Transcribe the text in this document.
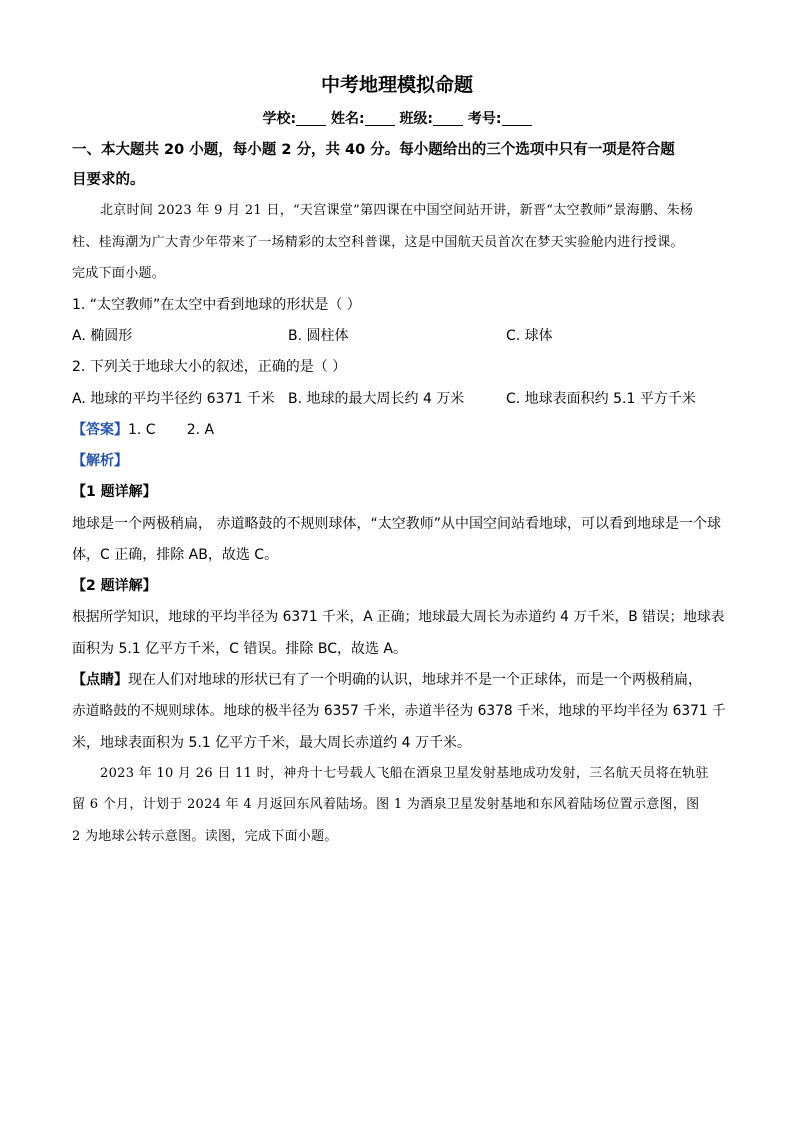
中考地理模拟命题
学校: 姓名: 班级: 考号:
一、本大题共 20 小题，每小题 2 分，共 40 分。每小题给出的三个选项中只有一项是符合题
目要求的。
北京时间 2023 年 9 月 21 日，“天宫课堂”第四课在中国空间站开讲，新晋“太空教师”景海鹏、朱杨
柱、桂海潮为广大青少年带来了一场精彩的太空科普课，这是中国航天员首次在梦天实验舱内进行授课。
完成下面小题。
1. “太空教师”在太空中看到地球的形状是（ ）
A. 椭圆形	B. 圆柱体	C. 球体
2. 下列关于地球大小的叙述，正确的是（ ）
A. 地球的平均半径约 6371 千米 B. 地球的最大周长约 4 万米	C. 地球表面积约 5.1 平方千米
【答案】1. C       2. A
【解析】
【1 题详解】
地球是一个两极稍扁， 赤道略鼓的不规则球体，“太空教师”从中国空间站看地球，可以看到地球是一个球
体，C 正确，排除 AB，故选 C。
【2 题详解】
根据所学知识，地球的平均半径为 6371 千米，A 正确；地球最大周长为赤道约 4 万千米，B 错误；地球表
面积为 5.1 亿平方千米，C 错误。排除 BC，故选 A。
【点睛】现在人们对地球的形状已有了一个明确的认识，地球并不是一个正球体，而是一个两极稍扁，
赤道略鼓的不规则球体。地球的极半径为 6357 千米，赤道半径为 6378 千米，地球的平均半径为 6371 千
米，地球表面积为 5.1 亿平方千米，最大周长赤道约 4 万千米。
2023 年 10 月 26 日 11 时，神舟十七号载人飞船在酒泉卫星发射基地成功发射，三名航天员将在轨驻
留 6 个月，计划于 2024 年 4 月返回东风着陆场。图 1 为酒泉卫星发射基地和东风着陆场位置示意图，图
2 为地球公转示意图。读图，完成下面小题。
